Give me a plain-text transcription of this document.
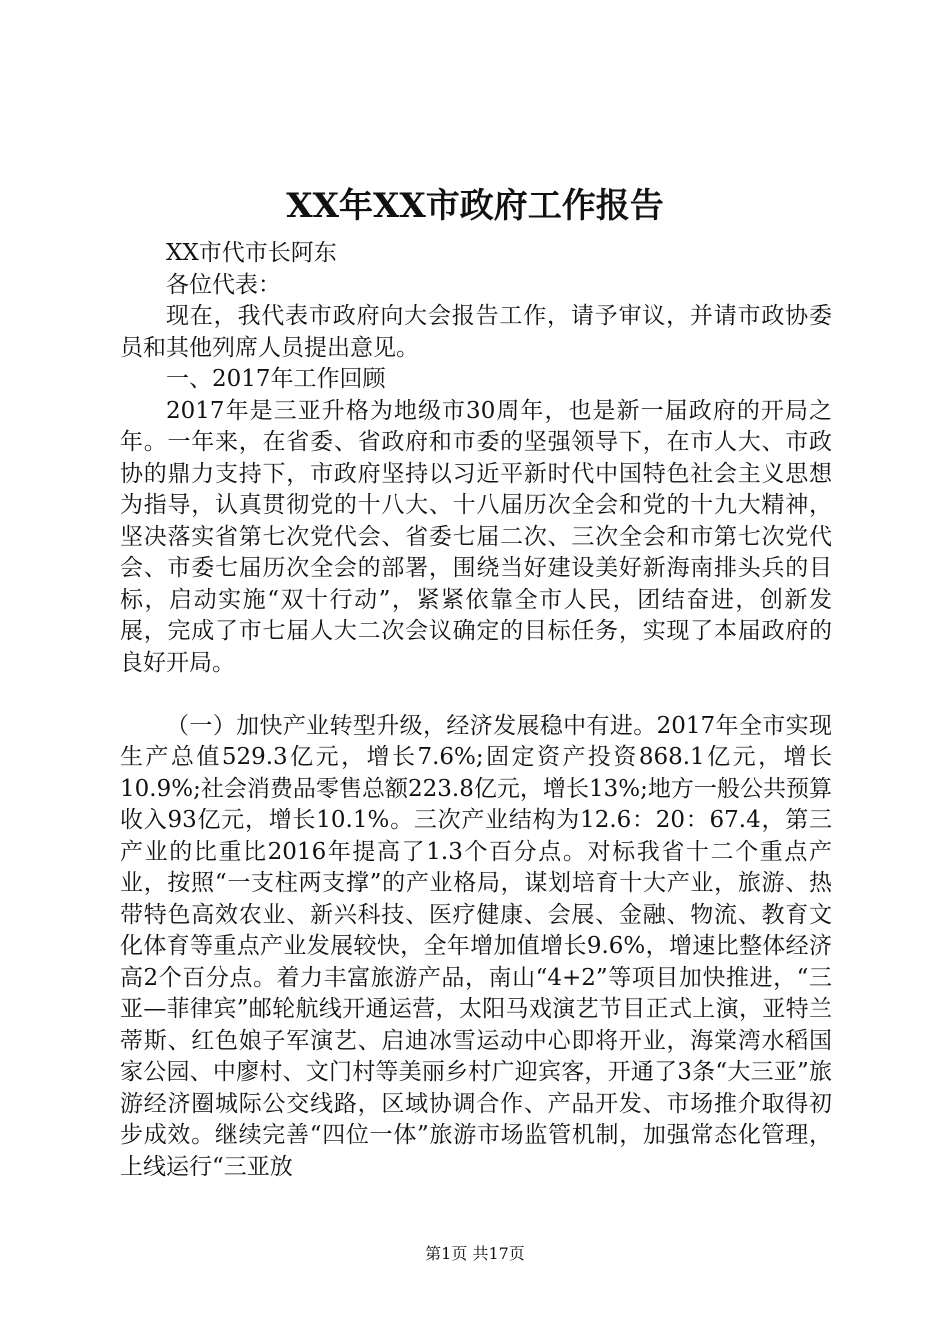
XX年XX市政府工作报告

XX市代市长阿东

各位代表：

现在，我代表市政府向大会报告工作，请予审议，并请市政协委员和其他列席人员提出意见。

一、2017年工作回顾

2017年是三亚升格为地级市30周年，也是新一届政府的开局之年。一年来，在省委、省政府和市委的坚强领导下，在市人大、市政协的鼎力支持下，市政府坚持以习近平新时代中国特色社会主义思想为指导，认真贯彻党的十八大、十八届历次全会和党的十九大精神，坚决落实省第七次党代会、省委七届二次、三次全会和市第七次党代会、市委七届历次全会的部署，围绕当好建设美好新海南排头兵的目标，启动实施“双十行动”，紧紧依靠全市人民，团结奋进，创新发展，完成了市七届人大二次会议确定的目标任务，实现了本届政府的良好开局。

（一）加快产业转型升级，经济发展稳中有进。2017年全市实现生产总值529.3亿元，增长7.6%;固定资产投资868.1亿元，增长10.9%;社会消费品零售总额223.8亿元，增长13%;地方一般公共预算收入93亿元，增长10.1%。三次产业结构为12.6：20：67.4，第三产业的比重比2016年提高了1.3个百分点。对标我省十二个重点产业，按照“一支柱两支撑”的产业格局，谋划培育十大产业，旅游、热带特色高效农业、新兴科技、医疗健康、会展、金融、物流、教育文化体育等重点产业发展较快，全年增加值增长9.6%，增速比整体经济高2个百分点。着力丰富旅游产品，南山“4+2”等项目加快推进，“三亚—菲律宾”邮轮航线开通运营，太阳马戏演艺节目正式上演，亚特兰蒂斯、红色娘子军演艺、启迪冰雪运动中心即将开业，海棠湾水稻国家公园、中廖村、文门村等美丽乡村广迎宾客，开通了3条“大三亚”旅游经济圈城际公交线路，区域协调合作、产品开发、市场推介取得初步成效。继续完善“四位一体”旅游市场监管机制，加强常态化管理，上线运行“三亚放

第1页 共17页
